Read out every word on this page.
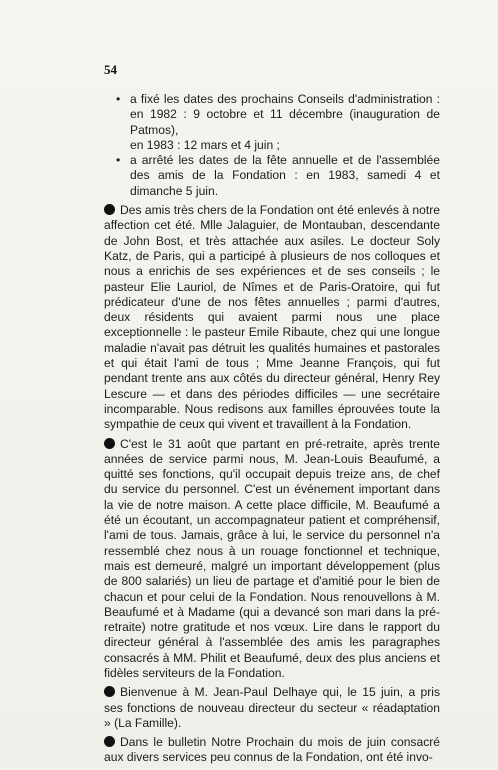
54
• a fixé les dates des prochains Conseils d'administration : en 1982 : 9 octobre et 11 décembre (inauguration de Patmos),
en 1983 : 12 mars et 4 juin ;
• a arrêté les dates de la fête annuelle et de l'assemblée des amis de la Fondation : en 1983, samedi 4 et dimanche 5 juin.

Des amis très chers de la Fondation ont été enlevés à notre affection cet été. Mlle Jalaguier, de Montauban, descendante de John Bost, et très attachée aux asiles. Le docteur Soly Katz, de Paris, qui a participé à plusieurs de nos colloques et nous a enrichis de ses expériences et de ses conseils ; le pasteur Elie Lauriol, de Nîmes et de Paris-Oratoire, qui fut prédicateur d'une de nos fêtes annuelles ; parmi d'autres, deux résidents qui avaient parmi nous une place exceptionnelle : le pasteur Emile Ribaute, chez qui une longue maladie n'avait pas détruit les qualités humaines et pastorales et qui était l'ami de tous ; Mme Jeanne François, qui fut pendant trente ans aux côtés du directeur général, Henry Rey Lescure — et dans des périodes difficiles — une secrétaire incomparable. Nous redisons aux familles éprouvées toute la sympathie de ceux qui vivent et travaillent à la Fondation.

C'est le 31 août que partant en pré-retraite, après trente années de service parmi nous, M. Jean-Louis Beaufumé, a quitté ses fonctions, qu'il occupait depuis treize ans, de chef du service du personnel. C'est un événement important dans la vie de notre maison. A cette place difficile, M. Beaufumé a été un écoutant, un accompagnateur patient et compréhensif, l'ami de tous. Jamais, grâce à lui, le service du personnel n'a ressemblé chez nous à un rouage fonctionnel et technique, mais est demeuré, malgré un important développement (plus de 800 salariés) un lieu de partage et d'amitié pour le bien de chacun et pour celui de la Fondation. Nous renouvellons à M. Beaufumé et à Madame (qui a devancé son mari dans la pré-retraite) notre gratitude et nos vœux. Lire dans le rapport du directeur général à l'assemblée des amis les paragraphes consacrés à MM. Philit et Beaufumé, deux des plus anciens et fidèles serviteurs de la Fondation.

Bienvenue à M. Jean-Paul Delhaye qui, le 15 juin, a pris ses fonctions de nouveau directeur du secteur « réadaptation » (La Famille).

Dans le bulletin Notre Prochain du mois de juin consacré aux divers services peu connus de la Fondation, ont été invo-
